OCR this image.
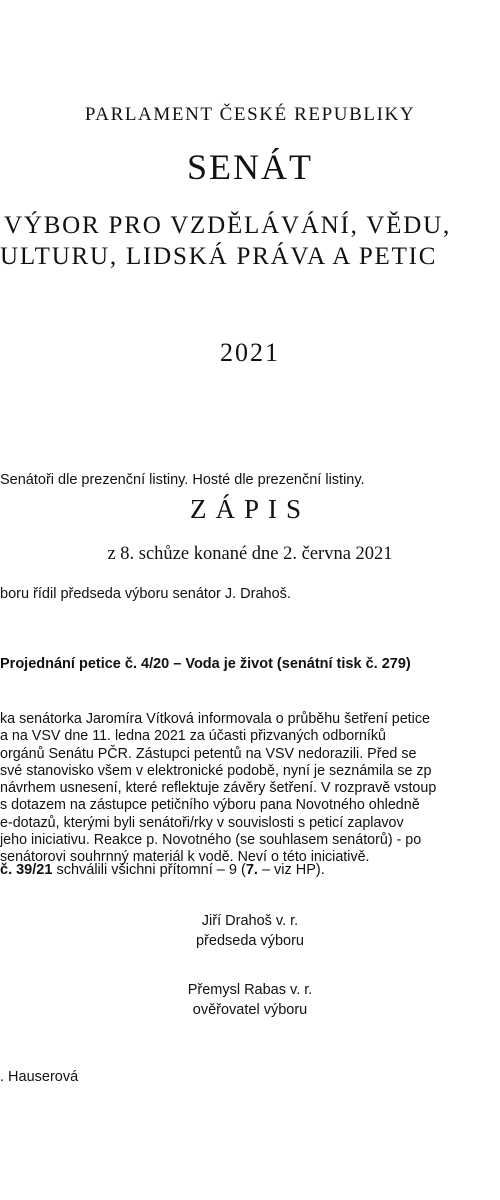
PARLAMENT ČESKÉ REPUBLIKY
SENÁT
VÝBOR PRO VZDĚLÁVÁNÍ, VĚDU,
ULTURU, LIDSKÁ PRÁVA A PETIC
2021
Senátoři dle prezenční listiny. Hosté dle prezenční listiny.
ZÁPIS
z 8. schůze konané dne 2. června 2021
boru řídil předseda výboru senátor J. Drahoš.
Projednání petice č. 4/20 – Voda je život (senátní tisk č. 279)
ka senátorka Jaromíra Vítková informovala o průběhu šetření petice
a na VSV dne 11. ledna 2021 za účasti přizvaných odborníků
orgánů Senátu PČR. Zástupci petentů na VSV nedorazili. Před se
své stanovisko všem v elektronické podobě, nyní je seznámila se zp
návrhem usnesení, které reflektuje závěry šetření. V rozpravě vstoup
s dotazem na zástupce petičního výboru pana Novotného ohledně
e-dotazů, kterými byli senátoři/rky v souvislosti s peticí zaplavov
jeho iniciativu. Reakce p. Novotného (se souhlasem senátorů) - po
senátorovi souhrnný materiál k vodě. Neví o této iniciativě.
č. 39/21 schválili všichni přítomní – 9 (7. – viz HP).
Jiří Drahoš v. r.
předseda výboru
Přemysl Rabas v. r.
ověřovatel výboru
. Hauserová
